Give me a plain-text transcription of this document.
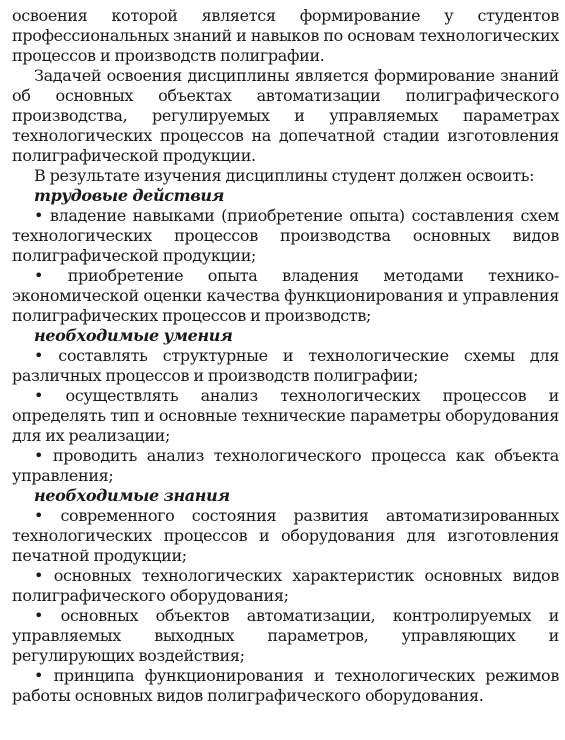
освоения которой является формирование у студентов профессиональных знаний и навыков по основам технологических процессов и производств полиграфии.

Задачей освоения дисциплины является формирование знаний об основных объектах автоматизации полиграфического производства, регулируемых и управляемых параметрах технологических процессов на допечатной стадии изготовления полиграфической продукции.

В результате изучения дисциплины студент должен освоить:

трудовые действия

• владение навыками (приобретение опыта) составления схем технологических процессов производства основных видов полиграфической продукции;

• приобретение опыта владения методами технико-экономической оценки качества функционирования и управления полиграфических процессов и производств;

необходимые умения

• составлять структурные и технологические схемы для различных процессов и производств полиграфии;

• осуществлять анализ технологических процессов и определять тип и основные технические параметры оборудования для их реализации;

• проводить анализ технологического процесса как объекта управления;

необходимые знания

• современного состояния развития автоматизированных технологических процессов и оборудования для изготовления печатной продукции;

• основных технологических характеристик основных видов полиграфического оборудования;

• основных объектов автоматизации, контролируемых и управляемых выходных параметров, управляющих и регулирующих воздействия;

• принципа функционирования и технологических режимов работы основных видов полиграфического оборудования.
